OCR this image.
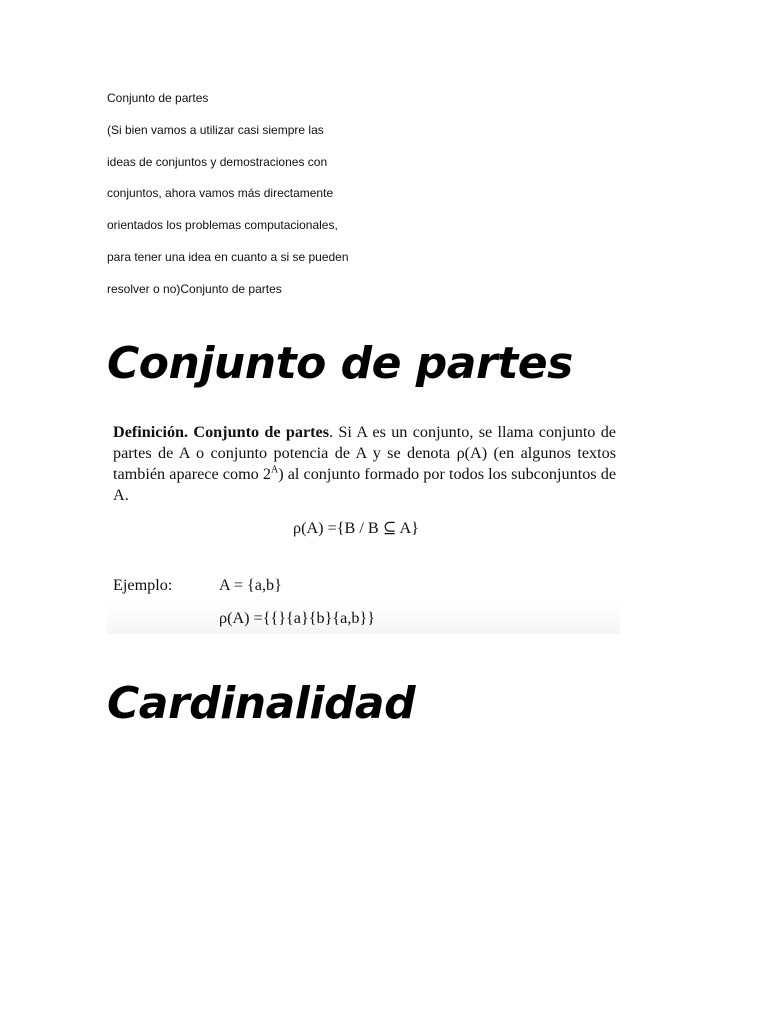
Conjunto de partes
(Si bien vamos a utilizar casi siempre las
ideas de conjuntos y demostraciones con
conjuntos, ahora vamos más directamente
orientados los problemas computacionales,
para tener una idea en cuanto a si se pueden
resolver o no)Conjunto de partes
Conjunto de partes
Definición. Conjunto de partes. Si A es un conjunto, se llama conjunto de partes de A o conjunto potencia de A y se denota ρ(A) (en algunos textos también aparece como $2^A$) al conjunto formado por todos los subconjuntos de A.
ρ(A) ={B / B ⊆ A}
Ejemplo:	A = {a,b}
ρ(A) ={{}{a}{b}{a,b}}
Cardinalidad
